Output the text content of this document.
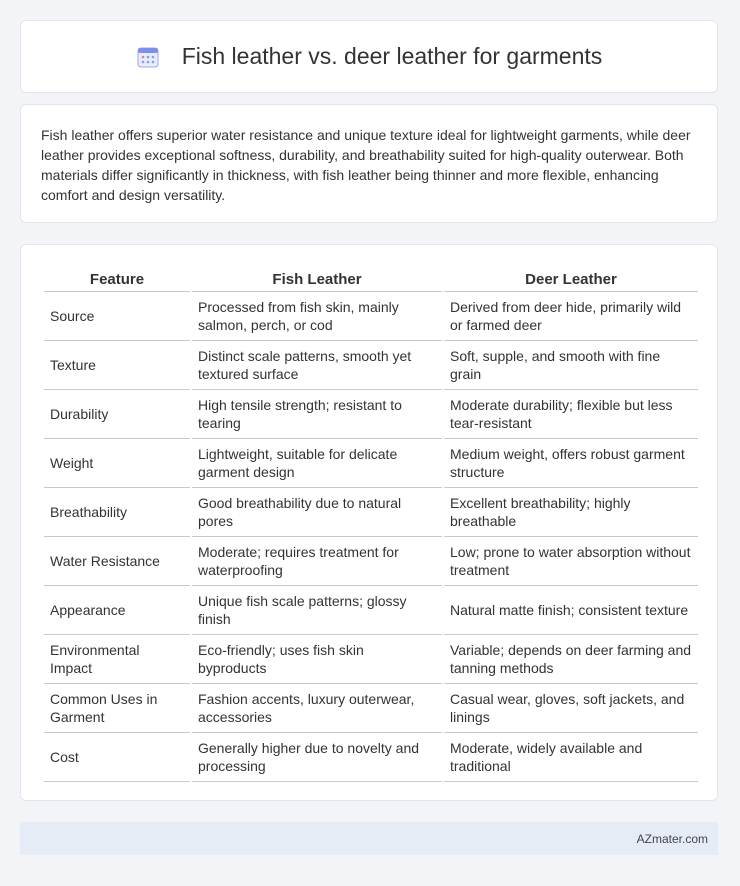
Fish leather vs. deer leather for garments

Fish leather offers superior water resistance and unique texture ideal for lightweight garments, while deer leather provides exceptional softness, durability, and breathability suited for high-quality outerwear. Both materials differ significantly in thickness, with fish leather being thinner and more flexible, enhancing comfort and design versatility.

Feature	Fish Leather	Deer Leather
Source	Processed from fish skin, mainly salmon, perch, or cod	Derived from deer hide, primarily wild or farmed deer
Texture	Distinct scale patterns, smooth yet textured surface	Soft, supple, and smooth with fine grain
Durability	High tensile strength; resistant to tearing	Moderate durability; flexible but less tear-resistant
Weight	Lightweight, suitable for delicate garment design	Medium weight, offers robust garment structure
Breathability	Good breathability due to natural pores	Excellent breathability; highly breathable
Water Resistance	Moderate; requires treatment for waterproofing	Low; prone to water absorption without treatment
Appearance	Unique fish scale patterns; glossy finish	Natural matte finish; consistent texture
Environmental Impact	Eco-friendly; uses fish skin byproducts	Variable; depends on deer farming and tanning methods
Common Uses in Garment	Fashion accents, luxury outerwear, accessories	Casual wear, gloves, soft jackets, and linings
Cost	Generally higher due to novelty and processing	Moderate, widely available and traditional
AZmater.com
